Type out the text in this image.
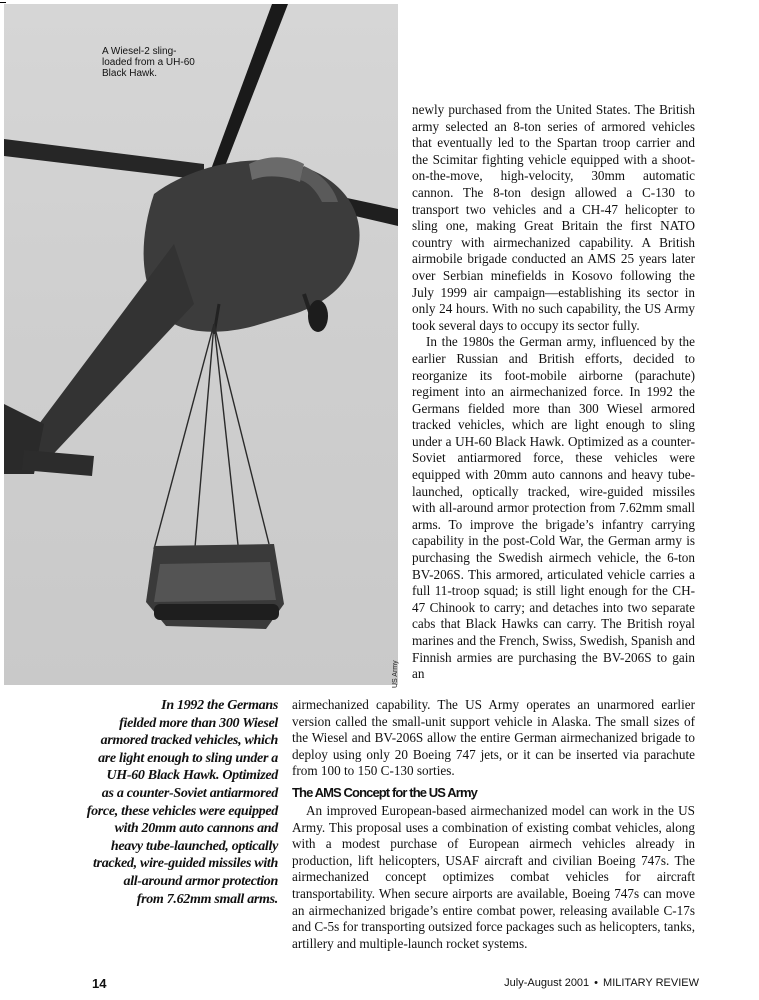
A Wiesel-2 sling-
loaded from a UH-60
Black Hawk.
US Army

newly purchased from the United States. The British army selected an 8-ton series of armored vehicles that eventually led to the Spartan troop carrier and the Scimitar fighting vehicle equipped with a shoot-on-the-move, high-velocity, 30mm automatic cannon. The 8-ton design allowed a C-130 to transport two vehicles and a CH-47 helicopter to sling one, making Great Britain the first NATO country with airmechanized capability. A British airmobile brigade conducted an AMS 25 years later over Serbian minefields in Kosovo following the July 1999 air campaign—establishing its sector in only 24 hours. With no such capability, the US Army took several days to occupy its sector fully.

In the 1980s the German army, influenced by the earlier Russian and British efforts, decided to reorganize its foot-mobile airborne (parachute) regiment into an airmechanized force. In 1992 the Germans fielded more than 300 Wiesel armored tracked vehicles, which are light enough to sling under a UH-60 Black Hawk. Optimized as a counter-Soviet antiarmored force, these vehicles were equipped with 20mm auto cannons and heavy tube-launched, optically tracked, wire-guided missiles with all-around armor protection from 7.62mm small arms. To improve the brigade’s infantry carrying capability in the post-Cold War, the German army is purchasing the Swedish airmech vehicle, the 6-ton BV-206S. This armored, articulated vehicle carries a full 11-troop squad; is still light enough for the CH-47 Chinook to carry; and detaches into two separate cabs that Black Hawks can carry. The British royal marines and the French, Swiss, Swedish, Spanish and Finnish armies are purchasing the BV-206S to gain an

In 1992 the Germans
fielded more than 300 Wiesel
armored tracked vehicles, which
are light enough to sling under a
UH-60 Black Hawk. Optimized
as a counter-Soviet antiarmored
force, these vehicles were equipped
with 20mm auto cannons and
heavy tube-launched, optically
tracked, wire-guided missiles with
all-around armor protection
from 7.62mm small arms.

airmechanized capability. The US Army operates an unarmored earlier version called the small-unit support vehicle in Alaska. The small sizes of the Wiesel and BV-206S allow the entire German airmechanized brigade to deploy using only 20 Boeing 747 jets, or it can be inserted via parachute from 100 to 150 C-130 sorties.

The AMS Concept for the US Army

An improved European-based airmechanized model can work in the US Army. This proposal uses a combination of existing combat vehicles, along with a modest purchase of European airmech vehicles already in production, lift helicopters, USAF aircraft and civilian Boeing 747s. The airmechanized concept optimizes combat vehicles for aircraft transportability. When secure airports are available, Boeing 747s can move an airmechanized brigade’s entire combat power, releasing available C-17s and C-5s for transporting outsized force packages such as helicopters, tanks, artillery and multiple-launch rocket systems.

14	July-August 2001 • MILITARY REVIEW
